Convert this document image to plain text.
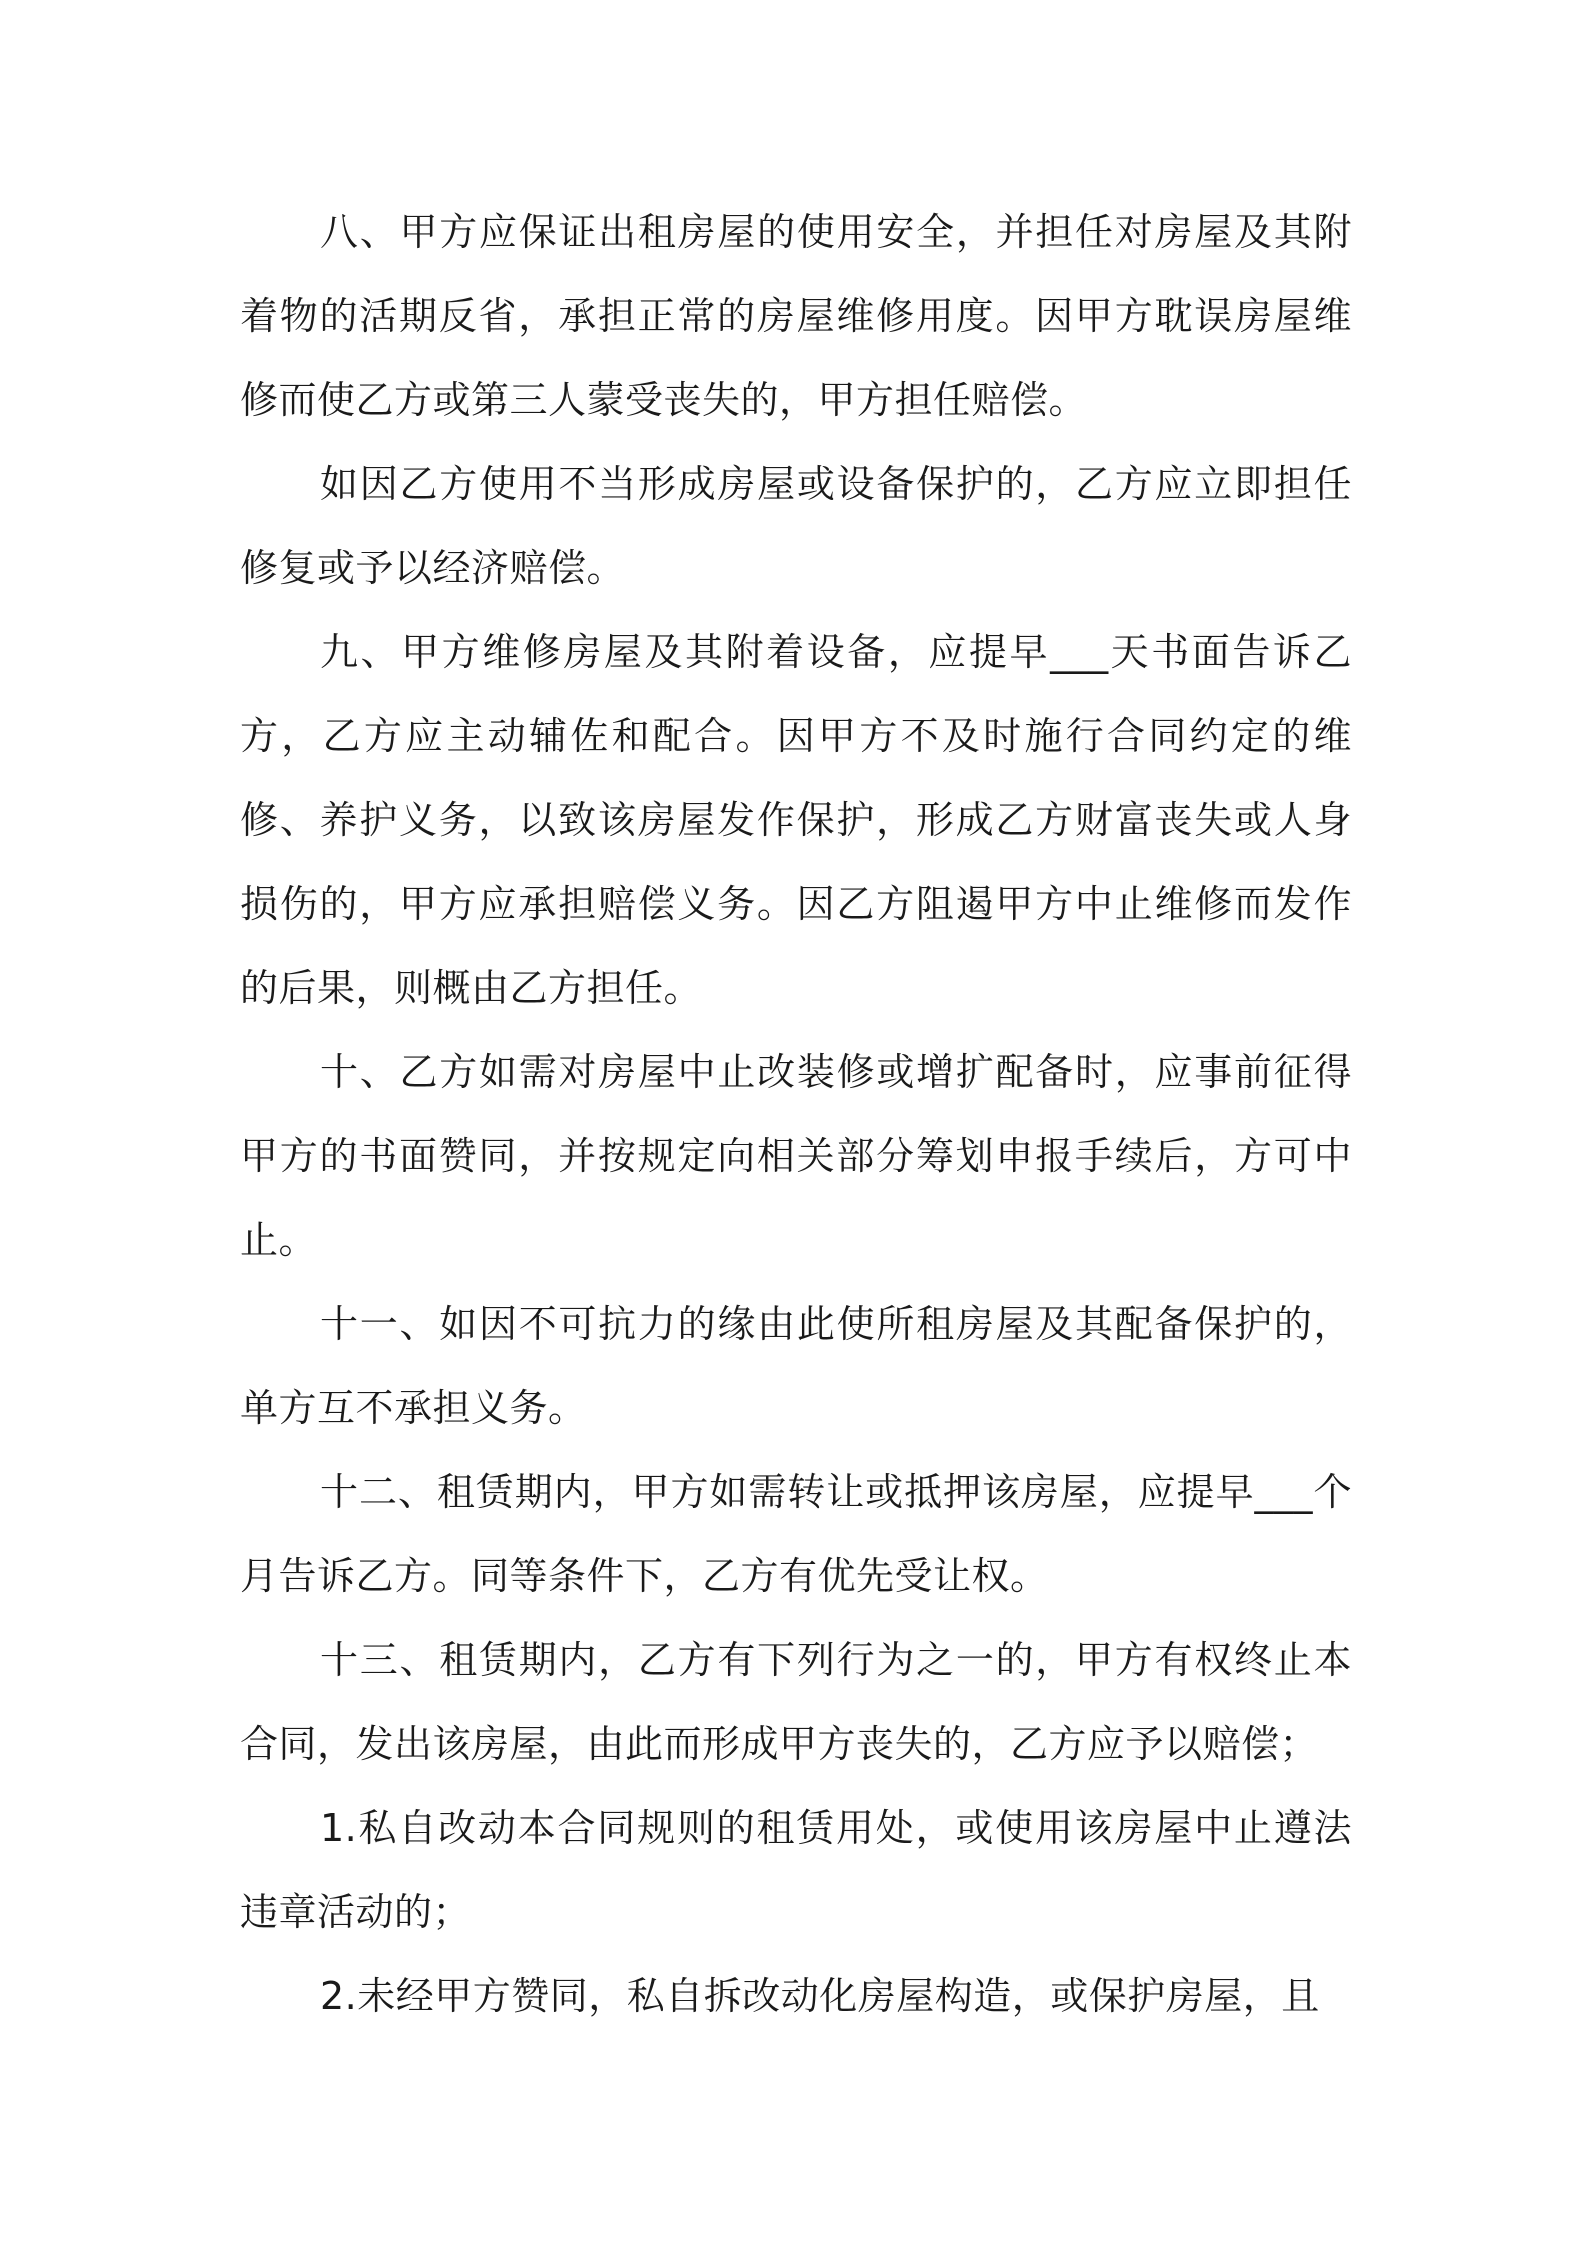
八、甲方应保证出租房屋的使用安全，并担任对房屋及其附着物的活期反省，承担正常的房屋维修用度。因甲方耽误房屋维修而使乙方或第三人蒙受丧失的，甲方担任赔偿。

如因乙方使用不当形成房屋或设备保护的，乙方应立即担任修复或予以经济赔偿。

九、甲方维修房屋及其附着设备，应提早___天书面告诉乙方，乙方应主动辅佐和配合。因甲方不及时施行合同约定的维修、养护义务，以致该房屋发作保护，形成乙方财富丧失或人身损伤的，甲方应承担赔偿义务。因乙方阻遏甲方中止维修而发作的后果，则概由乙方担任。

十、乙方如需对房屋中止改装修或增扩配备时，应事前征得甲方的书面赞同，并按规定向相关部分筹划申报手续后，方可中止。

十一、如因不可抗力的缘由此使所租房屋及其配备保护的，单方互不承担义务。

十二、租赁期内，甲方如需转让或抵押该房屋，应提早___个月告诉乙方。同等条件下，乙方有优先受让权。

十三、租赁期内，乙方有下列行为之一的，甲方有权终止本合同，发出该房屋，由此而形成甲方丧失的，乙方应予以赔偿；

1.私自改动本合同规则的租赁用处，或使用该房屋中止遵法违章活动的；

2.未经甲方赞同，私自拆改动化房屋构造，或保护房屋，且
